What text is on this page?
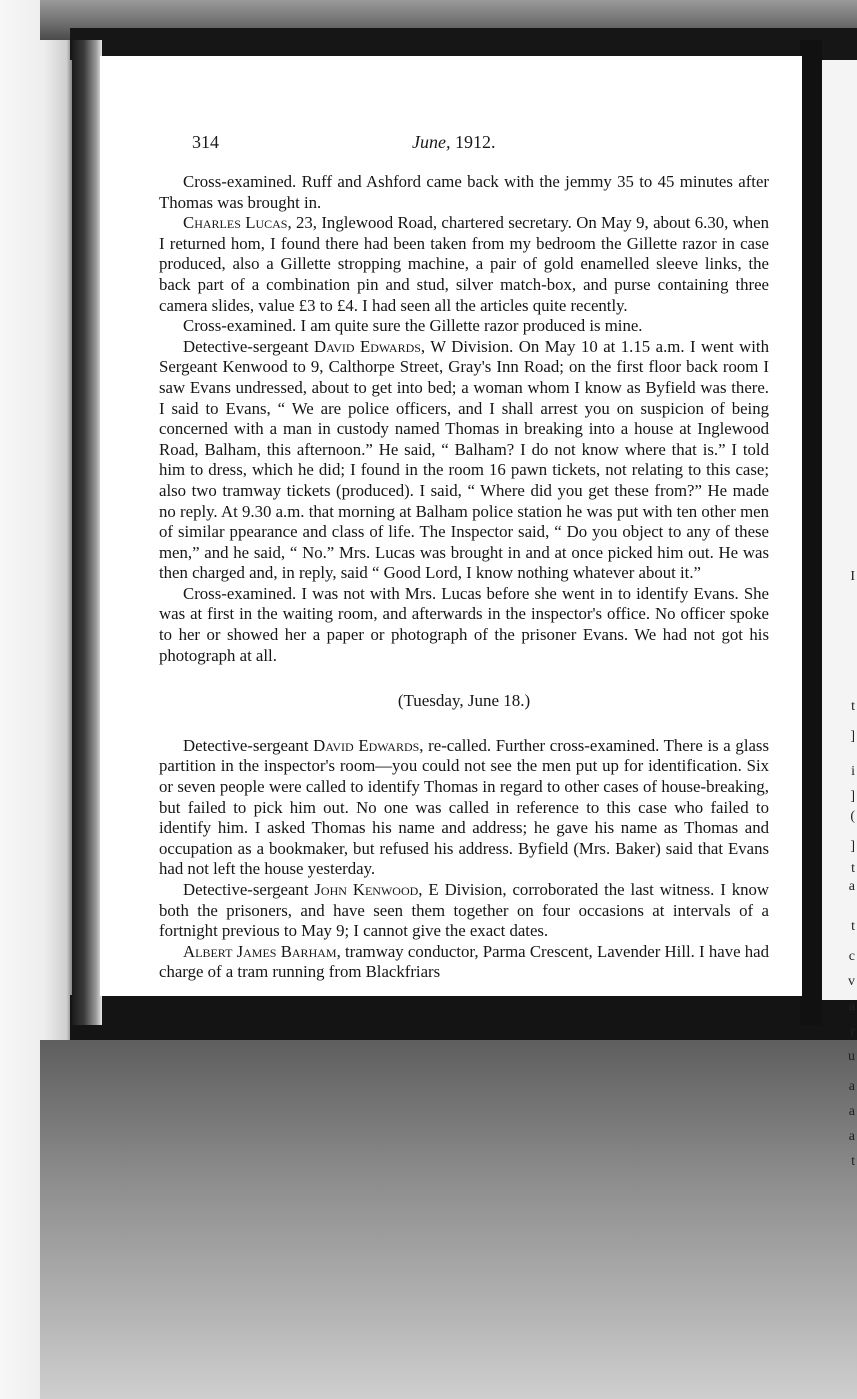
I
t
]
i
]
(
]
t
a
t
c
v
a
r
u
a
a
a
t
314	June, 1912.

Cross-examined. Ruff and Ashford came back with the jemmy 35 to 45 minutes after Thomas was brought in.

Charles Lucas, 23, Inglewood Road, chartered secretary. On May 9, about 6.30, when I returned hom, I found there had been taken from my bedroom the Gillette razor in case produced, also a Gillette stropping machine, a pair of gold enamelled sleeve links, the back part of a combination pin and stud, silver match-box, and purse containing three camera slides, value £3 to £4. I had seen all the articles quite recently.

Cross-examined. I am quite sure the Gillette razor produced is mine.

Detective-sergeant David Edwards, W Division. On May 10 at 1.15 a.m. I went with Sergeant Kenwood to 9, Calthorpe Street, Gray's Inn Road; on the first floor back room I saw Evans undressed, about to get into bed; a woman whom I know as Byfield was there. I said to Evans, “ We are police officers, and I shall arrest you on suspicion of being concerned with a man in custody named Thomas in breaking into a house at Inglewood Road, Balham, this afternoon.” He said, “ Balham? I do not know where that is.” I told him to dress, which he did; I found in the room 16 pawn tickets, not relating to this case; also two tramway tickets (produced). I said, “ Where did you get these from?” He made no reply. At 9.30 a.m. that morning at Balham police station he was put with ten other men of similar ppearance and class of life. The Inspector said, “ Do you object to any of these men,” and he said, “ No.” Mrs. Lucas was brought in and at once picked him out. He was then charged and, in reply, said “ Good Lord, I know nothing whatever about it.”

Cross-examined. I was not with Mrs. Lucas before she went in to identify Evans. She was at first in the waiting room, and afterwards in the inspector's office. No officer spoke to her or showed her a paper or photograph of the prisoner Evans. We had not got his photograph at all.

(Tuesday, June 18.)

Detective-sergeant David Edwards, re-called. Further cross-examined. There is a glass partition in the inspector's room—you could not see the men put up for identification. Six or seven people were called to identify Thomas in regard to other cases of house-breaking, but failed to pick him out. No one was called in reference to this case who failed to identify him. I asked Thomas his name and address; he gave his name as Thomas and occupation as a bookmaker, but refused his address. Byfield (Mrs. Baker) said that Evans had not left the house yesterday.

Detective-sergeant John Kenwood, E Division, corroborated the last witness. I know both the prisoners, and have seen them together on four occasions at intervals of a fortnight previous to May 9; I cannot give the exact dates.

Albert James Barham, tramway conductor, Parma Crescent, Lavender Hill. I have had charge of a tram running from Blackfriars
